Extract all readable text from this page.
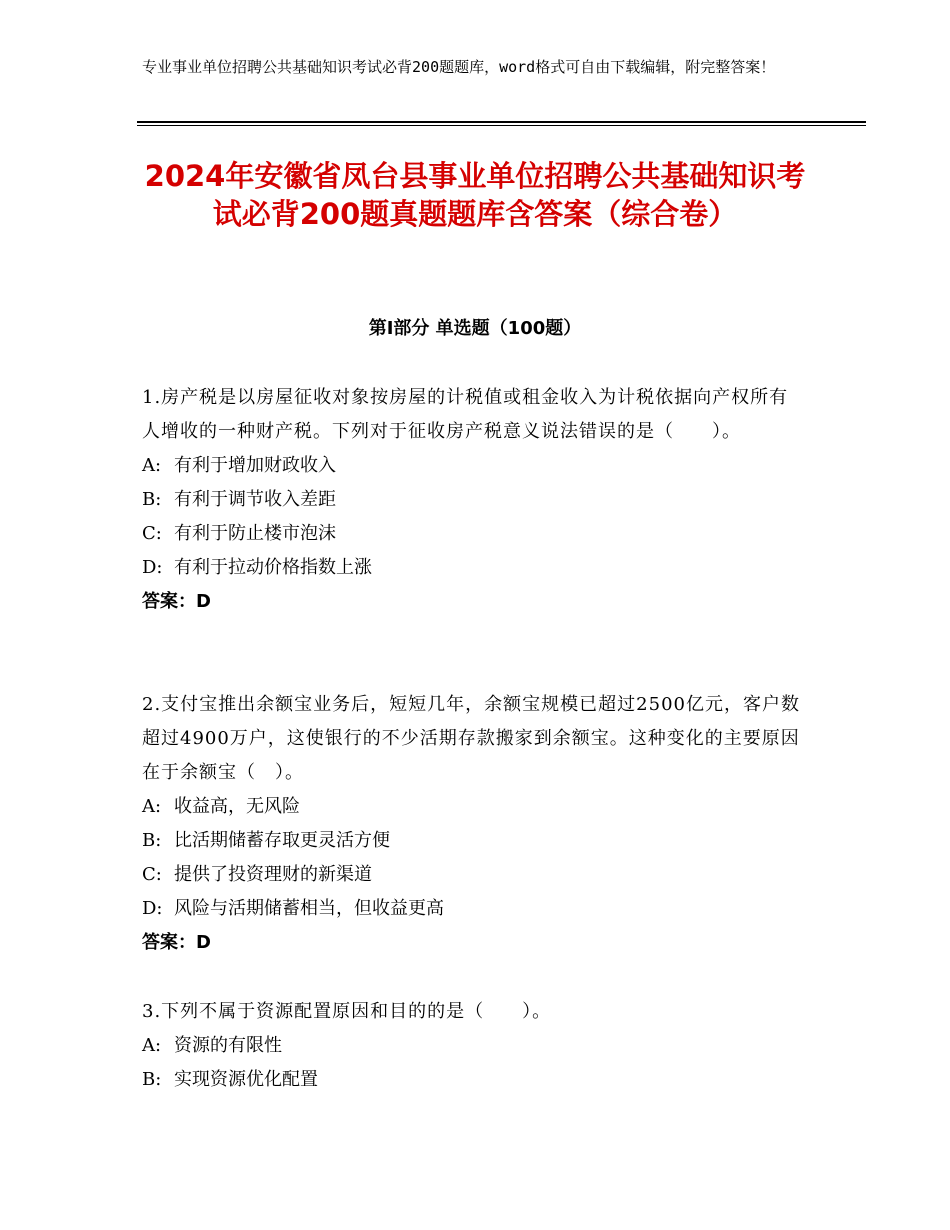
专业事业单位招聘公共基础知识考试必背200题题库，word格式可自由下载编辑，附完整答案！
2024年安徽省凤台县事业单位招聘公共基础知识考试必背200题真题题库含答案（综合卷）
第Ⅰ部分 单选题（100题）
1.房产税是以房屋征收对象按房屋的计税值或租金收入为计税依据向产权所有人增收的一种财产税。下列对于征收房产税意义说法错误的是（　　）。
A: 有利于增加财政收入
B: 有利于调节收入差距
C: 有利于防止楼市泡沫
D: 有利于拉动价格指数上涨
答案：D
2.支付宝推出余额宝业务后，短短几年，余额宝规模已超过2500亿元，客户数超过4900万户，这使银行的不少活期存款搬家到余额宝。这种变化的主要原因在于余额宝（　）。
A: 收益高，无风险
B: 比活期储蓄存取更灵活方便
C: 提供了投资理财的新渠道
D: 风险与活期储蓄相当，但收益更高
答案：D
3.下列不属于资源配置原因和目的的是（　　）。
A: 资源的有限性
B: 实现资源优化配置
